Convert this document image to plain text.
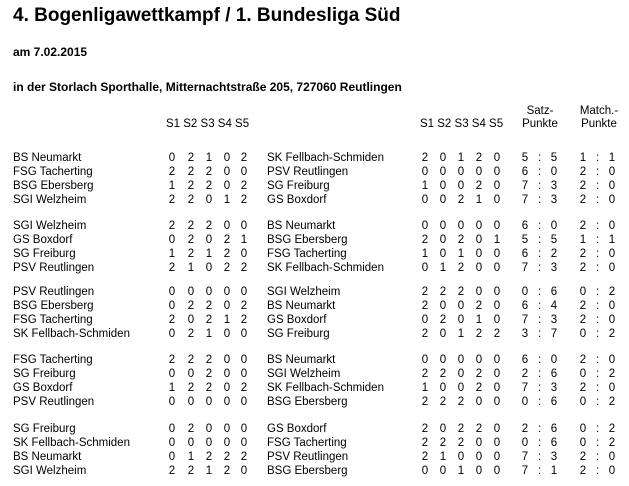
4. Bogenligawettkampf / 1. Bundesliga Süd
am 7.02.2015
in der Storlach Sporthalle, Mitternachtstraße 205, 727060 Reutlingen
S1 S2 S3 S4 S5	S1 S2 S3 S4 S5
Satz-
Punkte
Match.-
Punkte
BS Neumarkt	0 2 1 0 2 SK Fellbach-Schmiden	2 0 1 2 0 5 : 5 1 : 1
FSG Tacherting	2 2 2 0 0 PSV Reutlingen	0 0 0 0 0 6 : 0 2 : 0
BSG Ebersberg	1 2 2 0 2 SG Freiburg	1 0 0 2 0 7 : 3 2 : 0
SGI Welzheim	2 2 0 1 2 GS Boxdorf	0 0 2 1 0 7 : 3 2 : 0
SGI Welzheim	2 2 2 0 0 BS Neumarkt	0 0 0 0 0 6 : 0 2 : 0
GS Boxdorf	0 2 0 2 1 BSG Ebersberg	2 0 2 0 1 5 : 5 1 : 1
SG Freiburg	1 2 1 2 0 FSG Tacherting	1 0 1 0 0 6 : 2 2 : 0
PSV Reutlingen	2 1 0 2 2 SK Fellbach-Schmiden	0 1 2 0 0 7 : 3 2 : 0
PSV Reutlingen	0 0 0 0 0 SGI Welzheim	2 2 2 0 0 0 : 6 0 : 2
BSG Ebersberg	0 2 2 0 2 BS Neumarkt	2 0 0 2 0 6 : 4 2 : 0
FSG Tacherting	2 0 2 1 2 GS Boxdorf	0 2 0 1 0 7 : 3 2 : 0
SK Fellbach-Schmiden	0 2 1 0 0 SG Freiburg	2 0 1 2 2 3 : 7 0 : 2
FSG Tacherting	2 2 2 0 0 BS Neumarkt	0 0 0 0 0 6 : 0 2 : 0
SG Freiburg	0 0 2 0 0 SGI Welzheim	2 2 0 2 0 2 : 6 0 : 2
GS Boxdorf	1 2 2 0 2 SK Fellbach-Schmiden	1 0 0 2 0 7 : 3 2 : 0
PSV Reutlingen	0 0 0 0 0 BSG Ebersberg	2 2 2 0 0 0 : 6 0 : 2
SG Freiburg	0 2 0 0 0 GS Boxdorf	2 0 2 2 0 2 : 6 0 : 2
SK Fellbach-Schmiden	0 0 0 0 0 FSG Tacherting	2 2 2 0 0 0 : 6 0 : 2
BS Neumarkt	0 1 2 2 2 PSV Reutlingen	2 1 0 0 0 7 : 3 2 : 0
SGI Welzheim	2 2 1 2 0 BSG Ebersberg	0 0 1 0 0 7 : 1 2 : 0
